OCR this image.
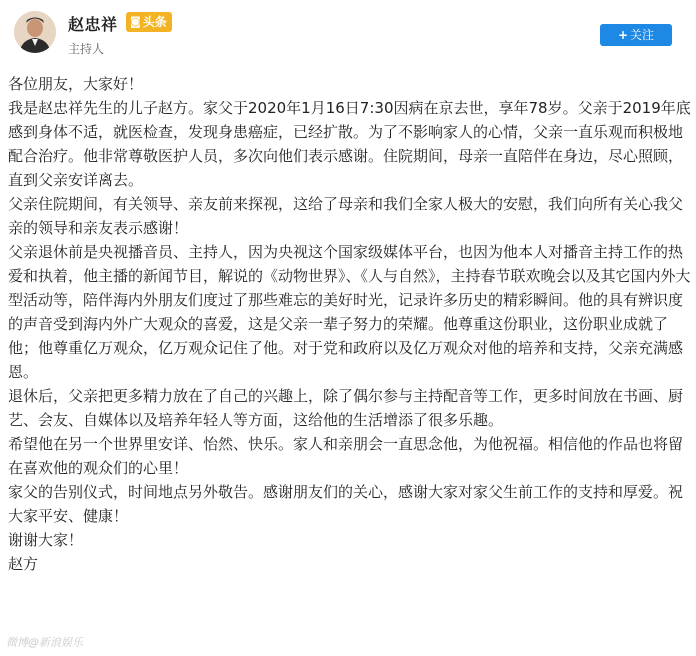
赵忠祥 ◙ 头条
主持人
+ 关注

各位朋友，大家好！

我是赵忠祥先生的儿子赵方。家父于2020年1月16日7:30因病在京去世，享年78岁。父亲于2019年底感到身体不适，就医检查，发现身患癌症，已经扩散。为了不影响家人的心情，父亲一直乐观而积极地配合治疗。他非常尊敬医护人员，多次向他们表示感谢。住院期间，母亲一直陪伴在身边，尽心照顾，直到父亲安详离去。

父亲住院期间，有关领导、亲友前来探视，这给了母亲和我们全家人极大的安慰，我们向所有关心我父亲的领导和亲友表示感谢！

父亲退休前是央视播音员、主持人，因为央视这个国家级媒体平台，也因为他本人对播音主持工作的热爱和执着，他主播的新闻节目，解说的《动物世界》、《人与自然》，主持春节联欢晚会以及其它国内外大型活动等，陪伴海内外朋友们度过了那些难忘的美好时光，记录许多历史的精彩瞬间。他的具有辨识度的声音受到海内外广大观众的喜爱，这是父亲一辈子努力的荣耀。他尊重这份职业，这份职业成就了他；他尊重亿万观众，亿万观众记住了他。对于党和政府以及亿万观众对他的培养和支持，父亲充满感恩。

退休后，父亲把更多精力放在了自己的兴趣上，除了偶尔参与主持配音等工作，更多时间放在书画、厨艺、会友、自媒体以及培养年轻人等方面，这给他的生活增添了很多乐趣。

希望他在另一个世界里安详、怡然、快乐。家人和亲朋会一直思念他，为他祝福。相信他的作品也将留在喜欢他的观众们的心里！

家父的告别仪式，时间地点另外敬告。感谢朋友们的关心，感谢大家对家父生前工作的支持和厚爱。祝大家平安、健康！

谢谢大家！

赵方

微博@新浪娱乐
